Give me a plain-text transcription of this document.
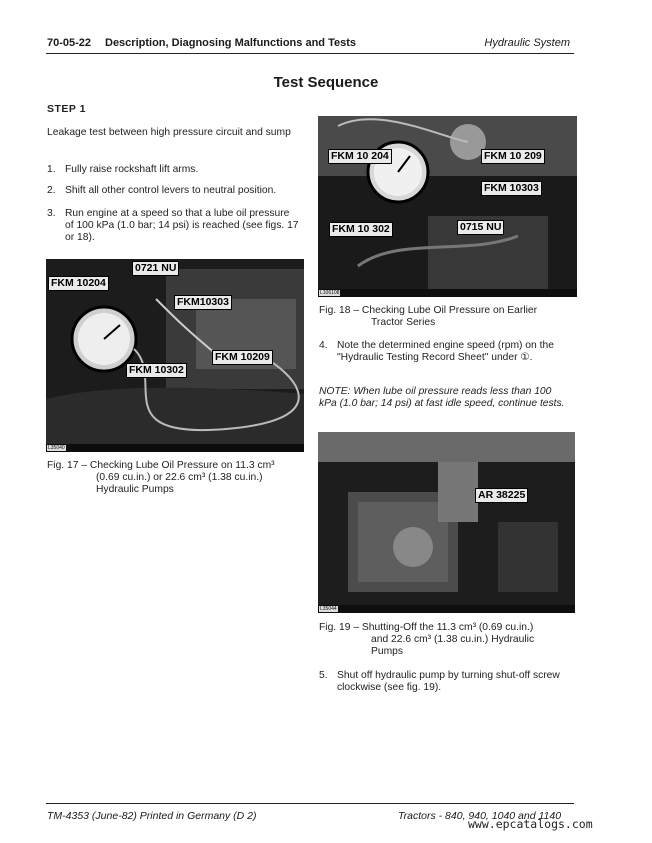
70-05-22 Description, Diagnosing Malfunctions and Tests	Hydraulic System
Test Sequence
STEP 1
Leakage test between high pressure circuit and sump
1. Fully raise rockshaft lift arms.
2. Shift all other control levers to neutral position.
3. Run engine at a speed so that a lube oil pressure of 100 kPa (1.0 bar; 14 psi) is reached (see figs. 17 or 18).
0721 NU
FKM 10204
FKM10303
FKM 10209
FKM 10302
L35040
Fig. 17 – Checking Lube Oil Pressure on 11.3 cm³
(0.69 cu.in.) or 22.6 cm³ (1.38 cu.in.)
Hydraulic Pumps
FKM 10 204	FKM 10 209
FKM 10303
FKM 10 302	0715 NU
L106108
Fig. 18 – Checking Lube Oil Pressure on Earlier
Tractor Series
4. Note the determined engine speed (rpm) on the "Hydraulic Testing Record Sheet" under ①.
NOTE: When lube oil pressure reads less than 100 kPa (1.0 bar; 14 psi) at fast idle speed, continue tests.
AR 38225
L35044
Fig. 19 – Shutting-Off the 11.3 cm³ (0.69 cu.in.)
and 22.6 cm³ (1.38 cu.in.) Hydraulic
Pumps
5. Shut off hydraulic pump by turning shut-off screw clockwise (see fig. 19).
TM-4353 (June-82) Printed in Germany (D 2)	Tractors - 840, 940, 1040 and 1140
www.epcatalogs.com
